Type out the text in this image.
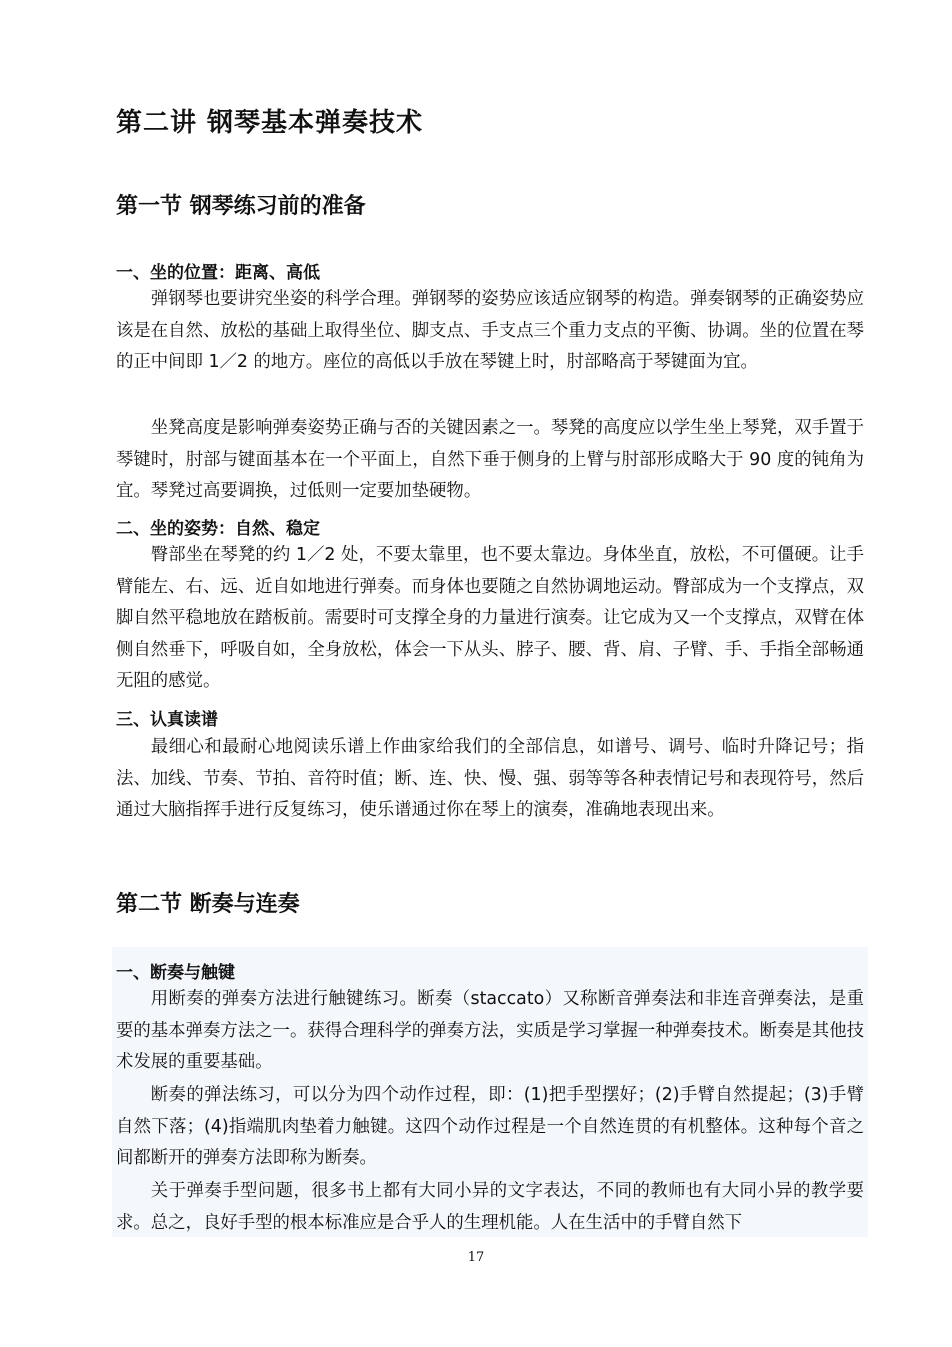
第二讲 钢琴基本弹奏技术
第一节 钢琴练习前的准备
一、坐的位置：距离、高低

弹钢琴也要讲究坐姿的科学合理。弹钢琴的姿势应该适应钢琴的构造。弹奏钢琴的正确姿势应该是在自然、放松的基础上取得坐位、脚支点、手支点三个重力支点的平衡、协调。坐的位置在琴的正中间即 1／2 的地方。座位的高低以手放在琴键上时，肘部略高于琴键面为宜。

坐凳高度是影响弹奏姿势正确与否的关键因素之一。琴凳的高度应以学生坐上琴凳，双手置于琴键时，肘部与键面基本在一个平面上，自然下垂于侧身的上臂与肘部形成略大于 90 度的钝角为宜。琴凳过高要调换，过低则一定要加垫硬物。

二、坐的姿势：自然、稳定

臀部坐在琴凳的约 1／2 处，不要太靠里，也不要太靠边。身体坐直，放松，不可僵硬。让手臂能左、右、远、近自如地进行弹奏。而身体也要随之自然协调地运动。臀部成为一个支撑点，双脚自然平稳地放在踏板前。需要时可支撑全身的力量进行演奏。让它成为又一个支撑点，双臂在体侧自然垂下，呼吸自如，全身放松，体会一下从头、脖子、腰、背、肩、子臂、手、手指全部畅通无阻的感觉。

三、认真读谱

最细心和最耐心地阅读乐谱上作曲家给我们的全部信息，如谱号、调号、临时升降记号；指法、加线、节奏、节拍、音符时值；断、连、快、慢、强、弱等等各种表情记号和表现符号，然后通过大脑指挥手进行反复练习，使乐谱通过你在琴上的演奏，准确地表现出来。

第二节 断奏与连奏
一、断奏与触键

用断奏的弹奏方法进行触键练习。断奏（staccato）又称断音弹奏法和非连音弹奏法，是重要的基本弹奏方法之一。获得合理科学的弹奏方法，实质是学习掌握一种弹奏技术。断奏是其他技术发展的重要基础。

断奏的弹法练习，可以分为四个动作过程，即：(1)把手型摆好；(2)手臂自然提起；(3)手臂自然下落；(4)指端肌肉垫着力触键。这四个动作过程是一个自然连贯的有机整体。这种每个音之间都断开的弹奏方法即称为断奏。

关于弹奏手型问题，很多书上都有大同小异的文字表达，不同的教师也有大同小异的教学要求。总之，良好手型的根本标准应是合乎人的生理机能。人在生活中的手臂自然下

17
